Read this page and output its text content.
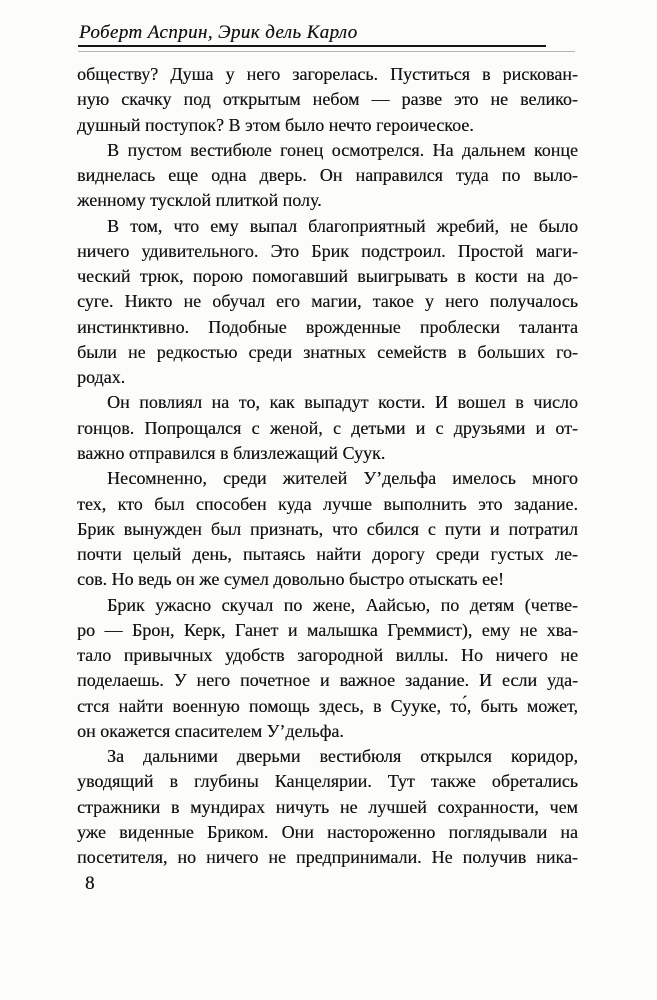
Роберт Асприн, Эрик дель Карло
обществу? Душа у него загорелась. Пуститься в рискован-
ную скачку под открытым небом — разве это не велико-
душный поступок? В этом было нечто героическое.
В пустом вестибюле гонец осмотрелся. На дальнем конце
виднелась еще одна дверь. Он направился туда по выло-
женному тусклой плиткой полу.
В том, что ему выпал благоприятный жребий, не было
ничего удивительного. Это Брик подстроил. Простой маги-
ческий трюк, порою помогавший выигрывать в кости на до-
суге. Никто не обучал его магии, такое у него получалось
инстинктивно. Подобные врожденные проблески таланта
были не редкостью среди знатных семейств в больших го-
родах.
Он повлиял на то, как выпадут кости. И вошел в число
гонцов. Попрощался с женой, с детьми и с друзьями и от-
важно отправился в близлежащий Суук.
Несомненно, среди жителей У’дельфа имелось много
тех, кто был способен куда лучше выполнить это задание.
Брик вынужден был признать, что сбился с пути и потратил
почти целый день, пытаясь найти дорогу среди густых ле-
сов. Но ведь он же сумел довольно быстро отыскать ее!
Брик ужасно скучал по жене, Аайсью, по детям (четве-
ро — Брон, Керк, Ганет и малышка Греммист), ему не хва-
тало привычных удобств загородной виллы. Но ничего не
поделаешь. У него почетное и важное задание. И если уда-
стся найти военную помощь здесь, в Сууке, то́, быть может,
он окажется спасителем У’дельфа.
За дальними дверьми вестибюля открылся коридор,
уводящий в глубины Канцелярии. Тут также обретались
стражники в мундирах ничуть не лучшей сохранности, чем
уже виденные Бриком. Они настороженно поглядывали на
посетителя, но ничего не предпринимали. Не получив ника-
8
